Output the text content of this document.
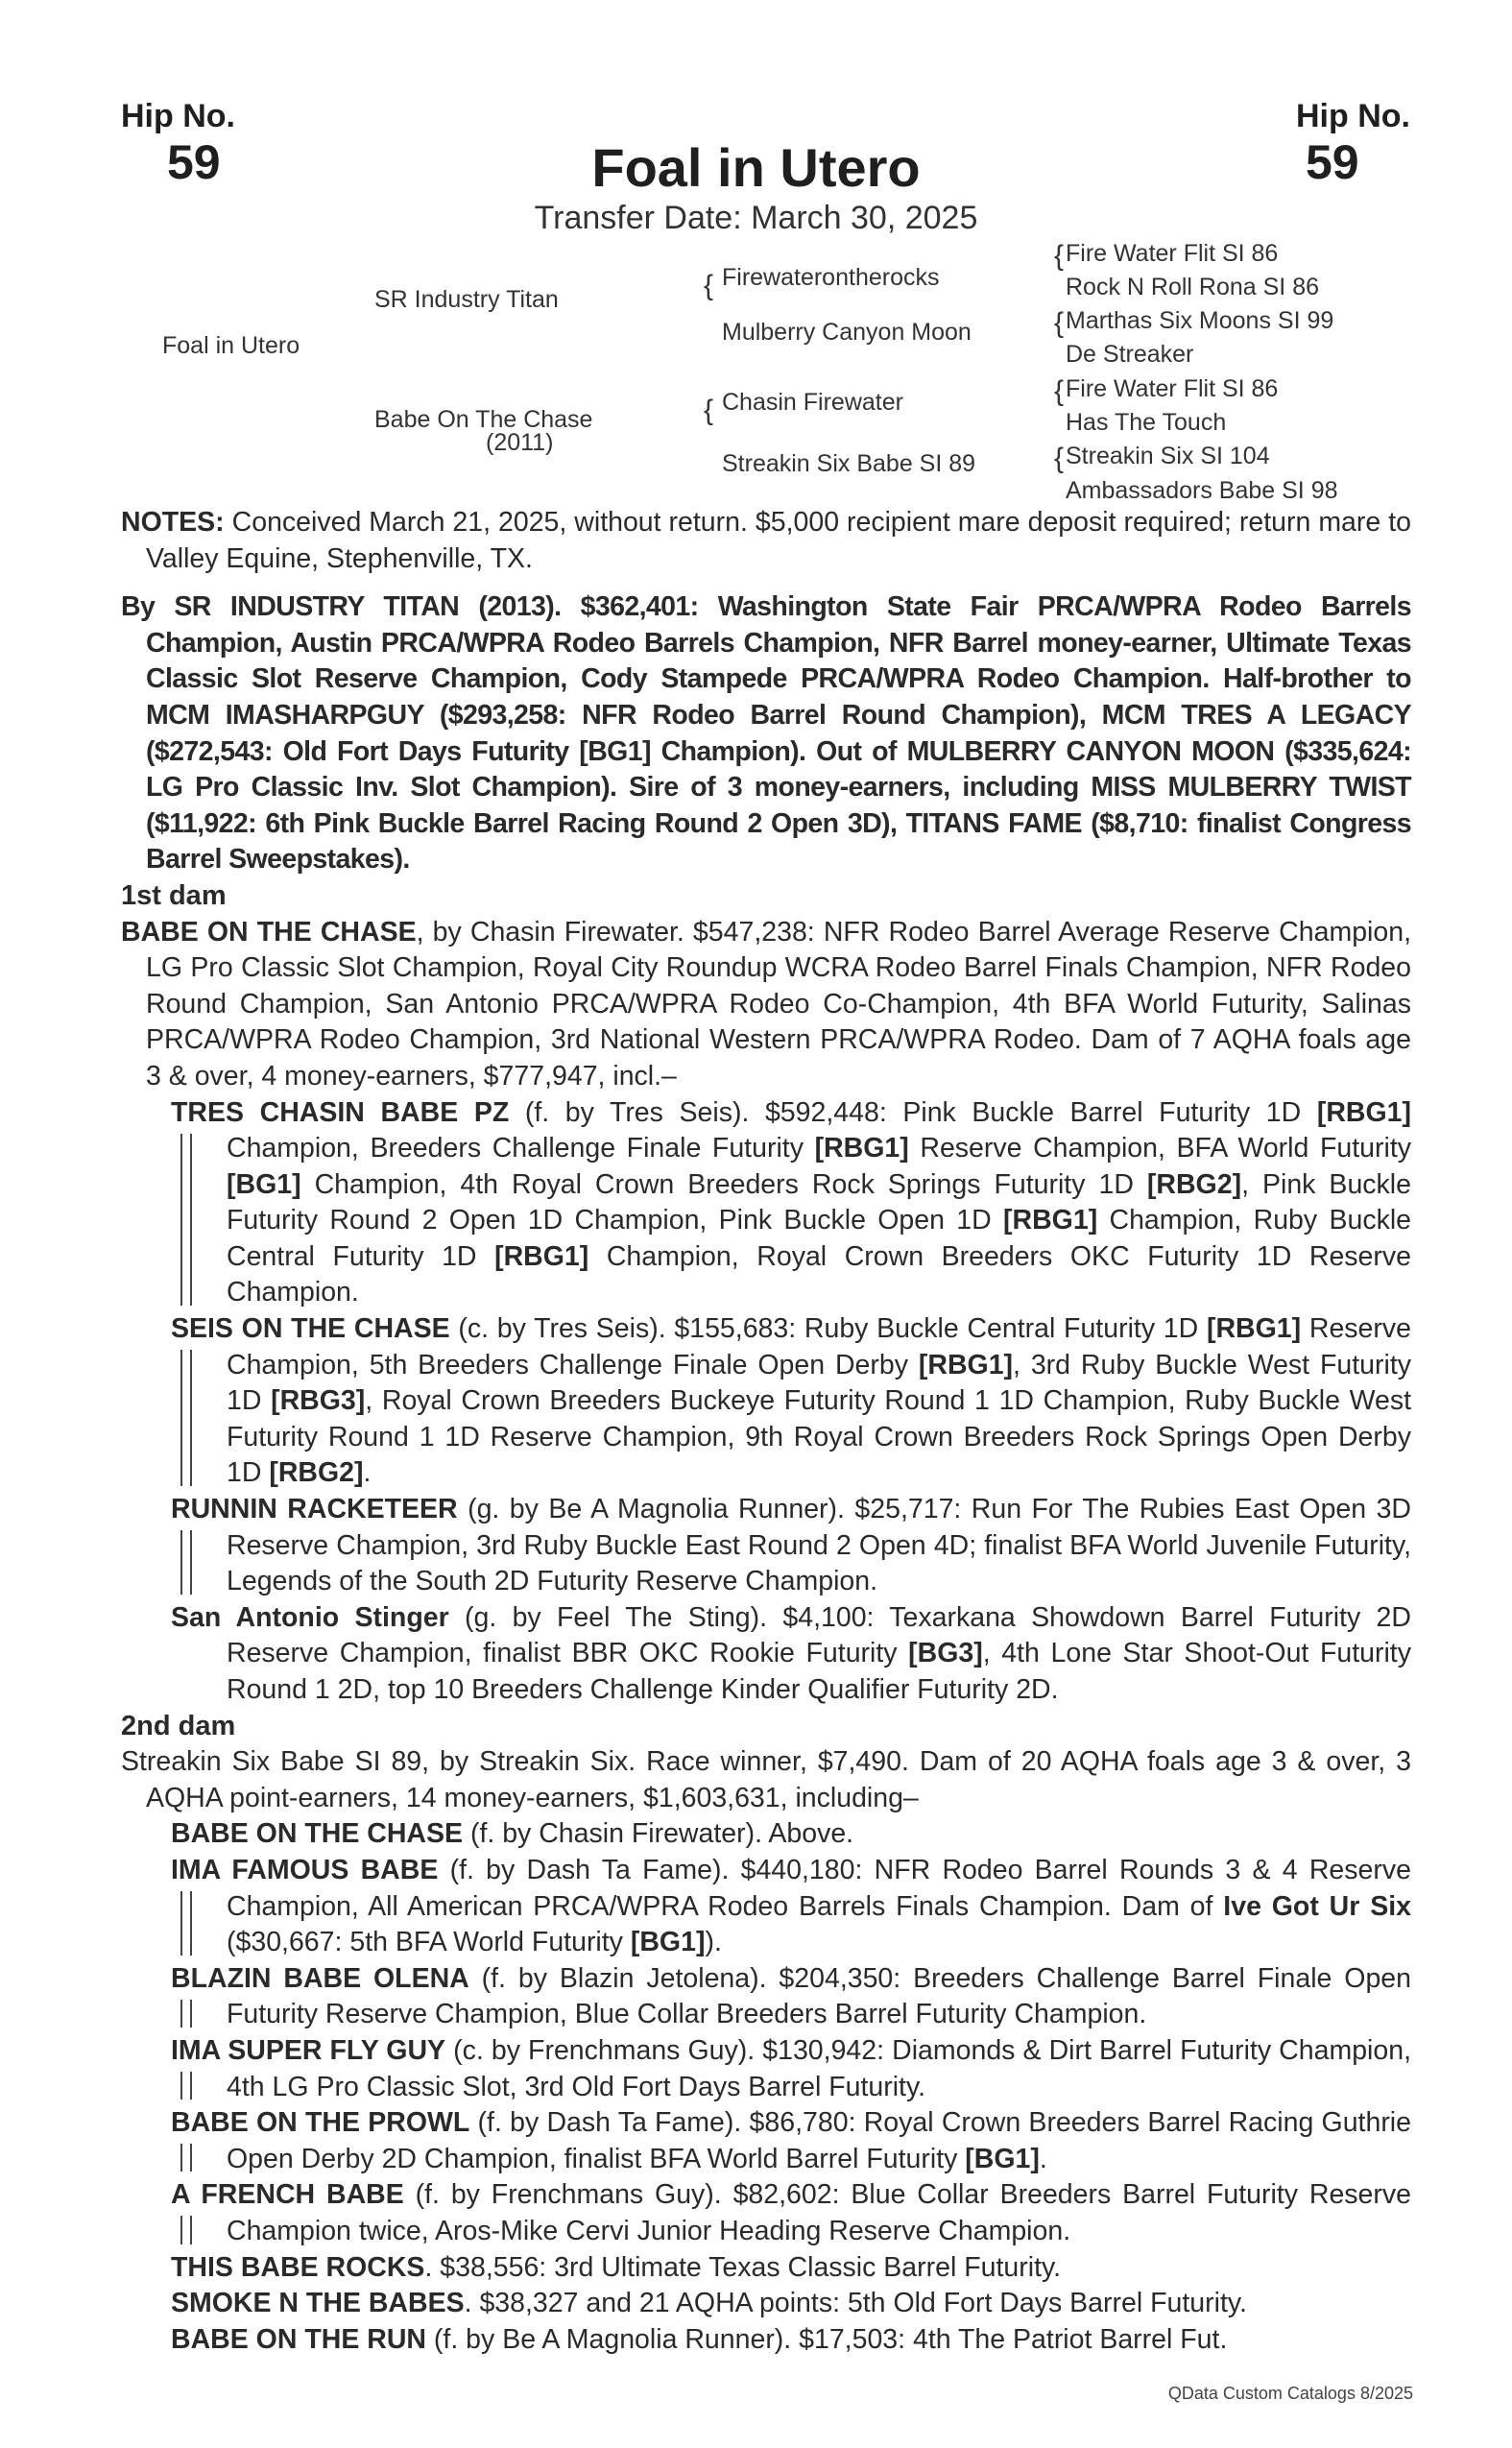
Hip No.
59
Hip No.
59
Foal in Utero
Transfer Date: March 30, 2025
Foal in Utero
SR Industry Titan
Babe On The Chase
(2011)
{
{
Firewaterontherocks
Mulberry Canyon Moon
Chasin Firewater
Streakin Six Babe SI 89
{
{
{
{
Fire Water Flit SI 86
Rock N Roll Rona SI 86
Marthas Six Moons SI 99
De Streaker
Fire Water Flit SI 86
Has The Touch
Streakin Six SI 104
Ambassadors Babe SI 98

NOTES: Conceived March 21, 2025, without return. $5,000 recipient mare deposit required; return mare to Valley Equine, Stephenville, TX.

By SR INDUSTRY TITAN (2013). $362,401: Washington State Fair PRCA/WPRA Rodeo Barrels Champion, Austin PRCA/WPRA Rodeo Barrels Champion, NFR Barrel money-earner, Ultimate Texas Classic Slot Reserve Champion, Cody Stampede PRCA/WPRA Rodeo Champion. Half-brother to MCM IMASHARPGUY ($293,258: NFR Rodeo Barrel Round Champion), MCM TRES A LEGACY ($272,543: Old Fort Days Futurity [BG1] Champion). Out of MULBERRY CANYON MOON ($335,624: LG Pro Classic Inv. Slot Champion). Sire of 3 money-earners, including MISS MULBERRY TWIST ($11,922: 6th Pink Buckle Barrel Racing Round 2 Open 3D), TITANS FAME ($8,710: finalist Congress Barrel Sweepstakes).

1st dam

BABE ON THE CHASE, by Chasin Firewater. $547,238: NFR Rodeo Barrel Average Reserve Champion, LG Pro Classic Slot Champion, Royal City Roundup WCRA Rodeo Barrel Finals Champion, NFR Rodeo Round Champion, San Antonio PRCA/WPRA Rodeo Co-Champion, 4th BFA World Futurity, Salinas PRCA/WPRA Rodeo Champion, 3rd National Western PRCA/WPRA Rodeo. Dam of 7 AQHA foals age 3 & over, 4 money-earners, $777,947, incl.–

TRES CHASIN BABE PZ (f. by Tres Seis). $592,448: Pink Buckle Barrel Futurity 1D [RBG1] Champion, Breeders Challenge Finale Futurity [RBG1] Reserve Champion, BFA World Futurity [BG1] Champion, 4th Royal Crown Breeders Rock Springs Futurity 1D [RBG2], Pink Buckle Futurity Round 2 Open 1D Champion, Pink Buckle Open 1D [RBG1] Champion, Ruby Buckle Central Futurity 1D [RBG1] Champion, Royal Crown Breeders OKC Futurity 1D Reserve Champion.
SEIS ON THE CHASE (c. by Tres Seis). $155,683: Ruby Buckle Central Futurity 1D [RBG1] Reserve Champion, 5th Breeders Challenge Finale Open Derby [RBG1], 3rd Ruby Buckle West Futurity 1D [RBG3], Royal Crown Breeders Buckeye Futurity Round 1 1D Champion, Ruby Buckle West Futurity Round 1 1D Reserve Champion, 9th Royal Crown Breeders Rock Springs Open Derby 1D [RBG2].
RUNNIN RACKETEER (g. by Be A Magnolia Runner). $25,717: Run For The Rubies East Open 3D Reserve Champion, 3rd Ruby Buckle East Round 2 Open 4D; finalist BFA World Juvenile Futurity, Legends of the South 2D Futurity Reserve Champion.
San Antonio Stinger (g. by Feel The Sting). $4,100: Texarkana Showdown Barrel Futurity 2D Reserve Champion, finalist BBR OKC Rookie Futurity [BG3], 4th Lone Star Shoot-Out Futurity Round 1 2D, top 10 Breeders Challenge Kinder Qualifier Futurity 2D.

2nd dam

Streakin Six Babe SI 89, by Streakin Six. Race winner, $7,490. Dam of 20 AQHA foals age 3 & over, 3 AQHA point-earners, 14 money-earners, $1,603,631, including–

BABE ON THE CHASE (f. by Chasin Firewater). Above.
IMA FAMOUS BABE (f. by Dash Ta Fame). $440,180: NFR Rodeo Barrel Rounds 3 & 4 Reserve Champion, All American PRCA/WPRA Rodeo Barrels Finals Champion. Dam of Ive Got Ur Six ($30,667: 5th BFA World Futurity [BG1]).
BLAZIN BABE OLENA (f. by Blazin Jetolena). $204,350: Breeders Challenge Barrel Finale Open Futurity Reserve Champion, Blue Collar Breeders Barrel Futurity Champion.
IMA SUPER FLY GUY (c. by Frenchmans Guy). $130,942: Diamonds & Dirt Barrel Futurity Champion, 4th LG Pro Classic Slot, 3rd Old Fort Days Barrel Futurity.
BABE ON THE PROWL (f. by Dash Ta Fame). $86,780: Royal Crown Breeders Barrel Racing Guthrie Open Derby 2D Champion, finalist BFA World Barrel Futurity [BG1].
A FRENCH BABE (f. by Frenchmans Guy). $82,602: Blue Collar Breeders Barrel Futurity Reserve Champion twice, Aros-Mike Cervi Junior Heading Reserve Champion.
THIS BABE ROCKS. $38,556: 3rd Ultimate Texas Classic Barrel Futurity.
SMOKE N THE BABES. $38,327 and 21 AQHA points: 5th Old Fort Days Barrel Futurity.
BABE ON THE RUN (f. by Be A Magnolia Runner). $17,503: 4th The Patriot Barrel Fut.
QData Custom Catalogs 8/2025
